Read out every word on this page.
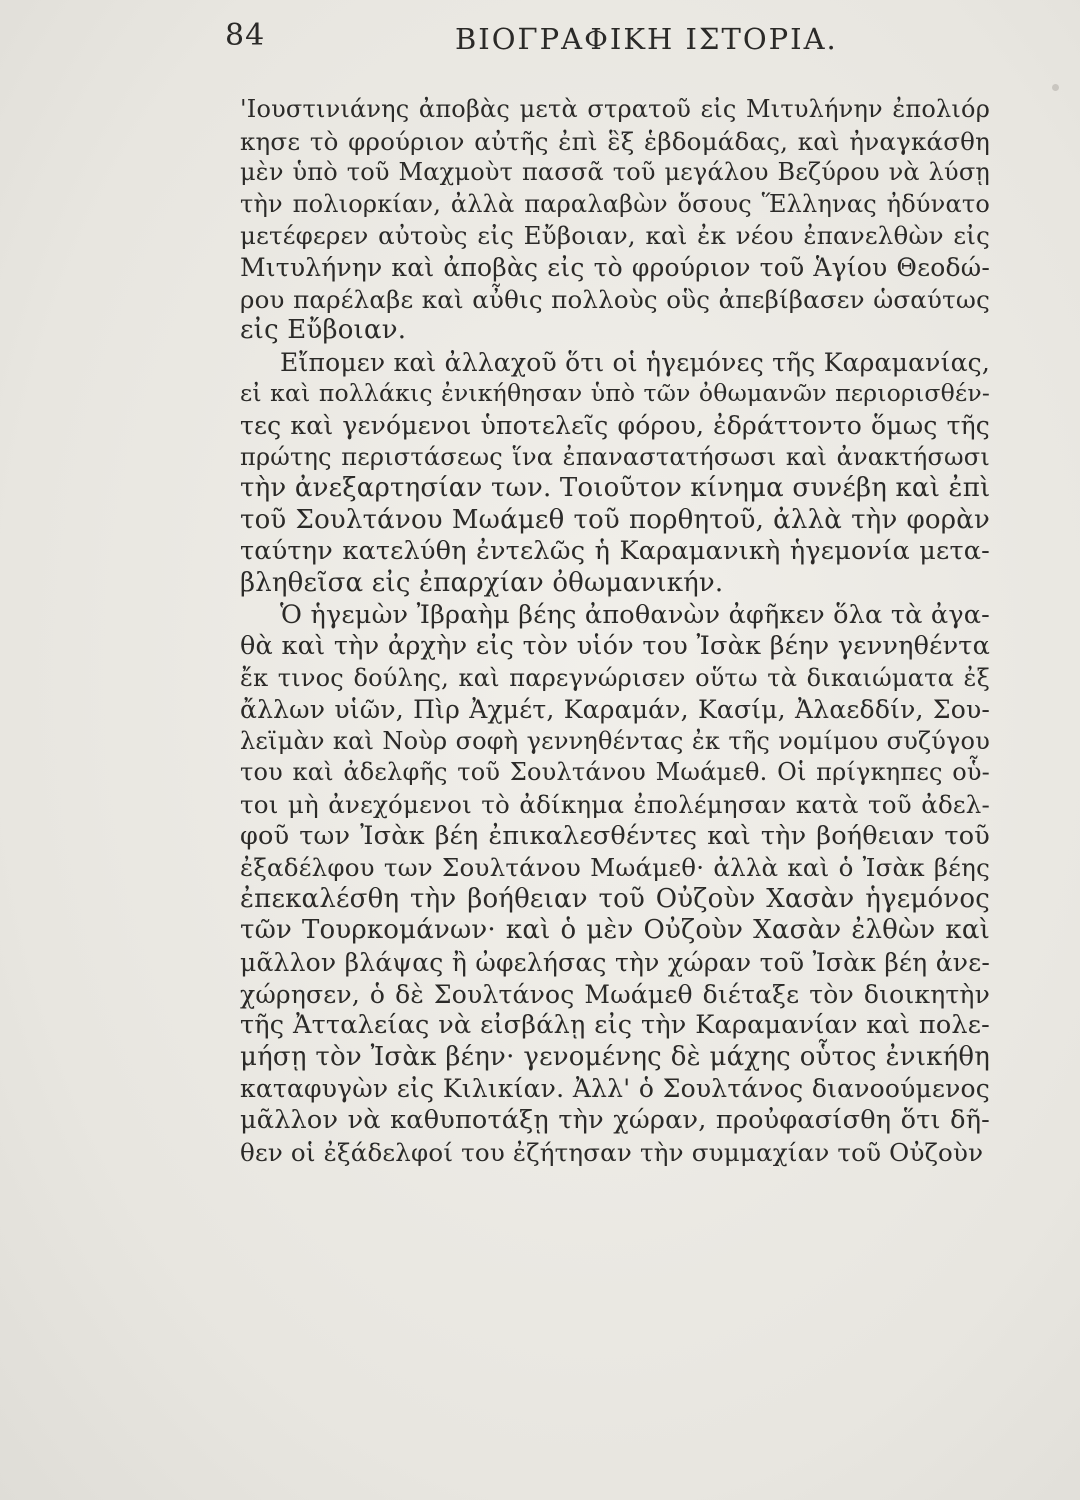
84	ΒΙΟΓΡΑΦΙΚΗ ΙΣΤΟΡΙΑ.
'Ιουστινιάνης ἀποβὰς μετὰ στρατοῦ εἰς Μιτυλήνην ἐπολιόρ
κησε τὸ φρούριον αὐτῆς ἐπὶ ἓξ ἑβδομάδας, καὶ ἠναγκάσθη
μὲν ὑπὸ τοῦ Μαχμοὺτ πασσᾶ τοῦ μεγάλου Βεζύρου νὰ λύσῃ
τὴν πολιορκίαν, ἀλλὰ παραλαβὼν ὅσους Ἕλληνας ἠδύνατο
μετέφερεν αὐτοὺς εἰς Εὔβοιαν, καὶ ἐκ νέου ἐπανελθὼν εἰς
Μιτυλήνην καὶ ἀποβὰς εἰς τὸ φρούριον τοῦ Ἁγίου Θεοδώ-
ρου παρέλαβε καὶ αὖθις πολλοὺς οὓς ἀπεβίβασεν ὡσαύτως
εἰς Εὔβοιαν.
Εἴπομεν καὶ ἀλλαχοῦ ὅτι οἱ ἡγεμόνες τῆς Καραμανίας,
εἰ καὶ πολλάκις ἐνικήθησαν ὑπὸ τῶν ὀθωμανῶν περιορισθέν-
τες καὶ γενόμενοι ὑποτελεῖς φόρου, ἐδράττοντο ὅμως τῆς
πρώτης περιστάσεως ἵνα ἐπαναστατήσωσι καὶ ἀνακτήσωσι
τὴν ἀνεξαρτησίαν των. Τοιοῦτον κίνημα συνέβη καὶ ἐπὶ
τοῦ Σουλτάνου Μωάμεθ τοῦ πορθητοῦ, ἀλλὰ τὴν φορὰν
ταύτην κατελύθη ἐντελῶς ἡ Καραμανικὴ ἡγεμονία μετα-
βληθεῖσα εἰς ἐπαρχίαν ὀθωμανικήν.
Ὁ ἡγεμὼν Ἰβραὴμ βέης ἀποθανὼν ἀφῆκεν ὅλα τὰ ἀγα-
θὰ καὶ τὴν ἀρχὴν εἰς τὸν υἱόν του Ἰσὰκ βέην γεννηθέντα
ἔκ τινος δούλης, καὶ παρεγνώρισεν οὕτω τὰ δικαιώματα ἐξ
ἄλλων υἱῶν, Πὶρ Ἀχμέτ, Καραμάν, Κασίμ, Ἀλαεδδίν, Σου-
λεϊμὰν καὶ Νοὺρ σοφὴ γεννηθέντας ἐκ τῆς νομίμου συζύγου
του καὶ ἀδελφῆς τοῦ Σουλτάνου Μωάμεθ. Οἱ πρίγκηπες οὗ-
τοι μὴ ἀνεχόμενοι τὸ ἀδίκημα ἐπολέμησαν κατὰ τοῦ ἀδελ-
φοῦ των Ἰσὰκ βέη ἐπικαλεσθέντες καὶ τὴν βοήθειαν τοῦ
ἐξαδέλφου των Σουλτάνου Μωάμεθ· ἀλλὰ καὶ ὁ Ἰσὰκ βέης
ἐπεκαλέσθη τὴν βοήθειαν τοῦ Οὐζοὺν Χασὰν ἡγεμόνος
τῶν Τουρκομάνων· καὶ ὁ μὲν Οὐζοὺν Χασὰν ἐλθὼν καὶ
μᾶλλον βλάψας ἢ ὠφελήσας τὴν χώραν τοῦ Ἰσὰκ βέη ἀνε-
χώρησεν, ὁ δὲ Σουλτάνος Μωάμεθ διέταξε τὸν διοικητὴν
τῆς Ἀτταλείας νὰ εἰσβάλῃ εἰς τὴν Καραμανίαν καὶ πολε-
μήσῃ τὸν Ἰσὰκ βέην· γενομένης δὲ μάχης οὗτος ἐνικήθη
καταφυγὼν εἰς Κιλικίαν. Ἀλλ' ὁ Σουλτάνος διανοούμενος
μᾶλλον νὰ καθυποτάξῃ τὴν χώραν, προὐφασίσθη ὅτι δῆ-
θεν οἱ ἐξάδελφοί του ἐζήτησαν τὴν συμμαχίαν τοῦ Οὐζοὺν
